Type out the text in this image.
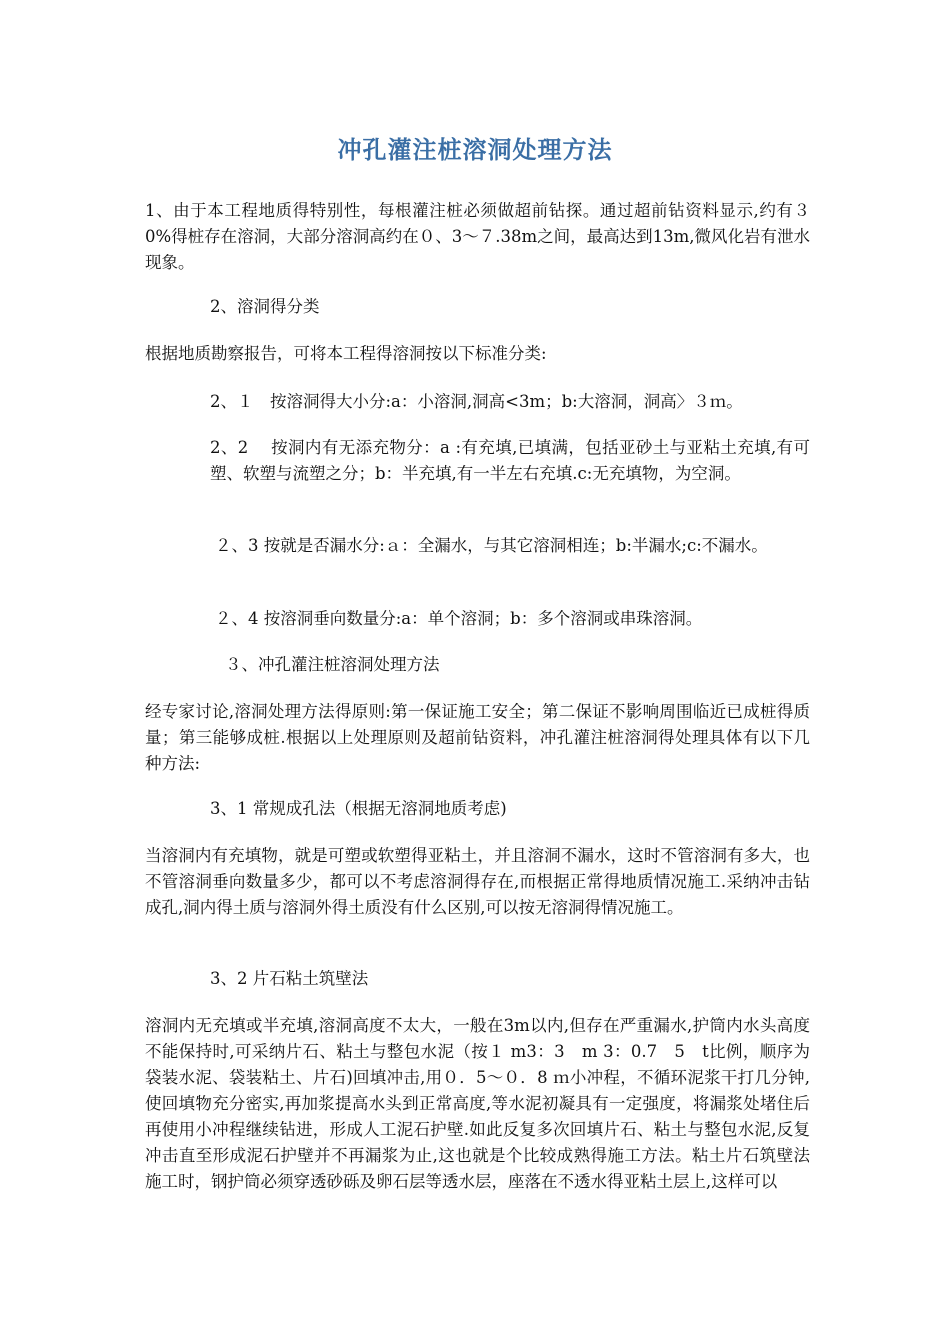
冲孔灌注桩溶洞处理方法

1、由于本工程地质得特别性，每根灌注桩必须做超前钻探。通过超前钻资料显示,约有３0%得桩存在溶洞，大部分溶洞高约在０、3～７.38m之间，最高达到13m,微风化岩有泄水现象。

2、溶洞得分类

根据地质勘察报告，可将本工程得溶洞按以下标准分类:

2、１　按溶洞得大小分:a：小溶洞,洞高<3m；b:大溶洞，洞高〉３ｍ。

2、2　 按洞内有无添充物分：a :有充填,已填满，包括亚砂土与亚粘土充填,有可塑、软塑与流塑之分；b：半充填,有一半左右充填.c:无充填物，为空洞。

２、3 按就是否漏水分:ａ：全漏水，与其它溶洞相连；b:半漏水;c:不漏水。

２、4 按溶洞垂向数量分:a：单个溶洞；b：多个溶洞或串珠溶洞。

３、冲孔灌注桩溶洞处理方法

经专家讨论,溶洞处理方法得原则:第一保证施工安全；第二保证不影响周围临近已成桩得质量；第三能够成桩.根据以上处理原则及超前钻资料，冲孔灌注桩溶洞得处理具体有以下几种方法:

3、1 常规成孔法（根据无溶洞地质考虑)

当溶洞内有充填物，就是可塑或软塑得亚粘土，并且溶洞不漏水，这时不管溶洞有多大，也不管溶洞垂向数量多少，都可以不考虑溶洞得存在,而根据正常得地质情况施工.采纳冲击钻成孔,洞内得土质与溶洞外得土质没有什么区别,可以按无溶洞得情况施工。

3、2 片石粘土筑壁法

溶洞内无充填或半充填,溶洞高度不太大，一般在3m以内,但存在严重漏水,护筒内水头高度不能保持时,可采纳片石、粘土与整包水泥（按１ m3：3　m 3：0.7　5　t比例，顺序为袋装水泥、袋装粘土、片石)回填冲击,用０．5～０．8 ｍ小冲程，不循环泥浆干打几分钟,使回填物充分密实,再加浆提高水头到正常高度,等水泥初凝具有一定强度，将漏浆处堵住后再使用小冲程继续钻进，形成人工泥石护壁.如此反复多次回填片石、粘土与整包水泥,反复冲击直至形成泥石护壁并不再漏浆为止,这也就是个比较成熟得施工方法。粘土片石筑壁法施工时，钢护筒必须穿透砂砾及卵石层等透水层，座落在不透水得亚粘土层上,这样可以
